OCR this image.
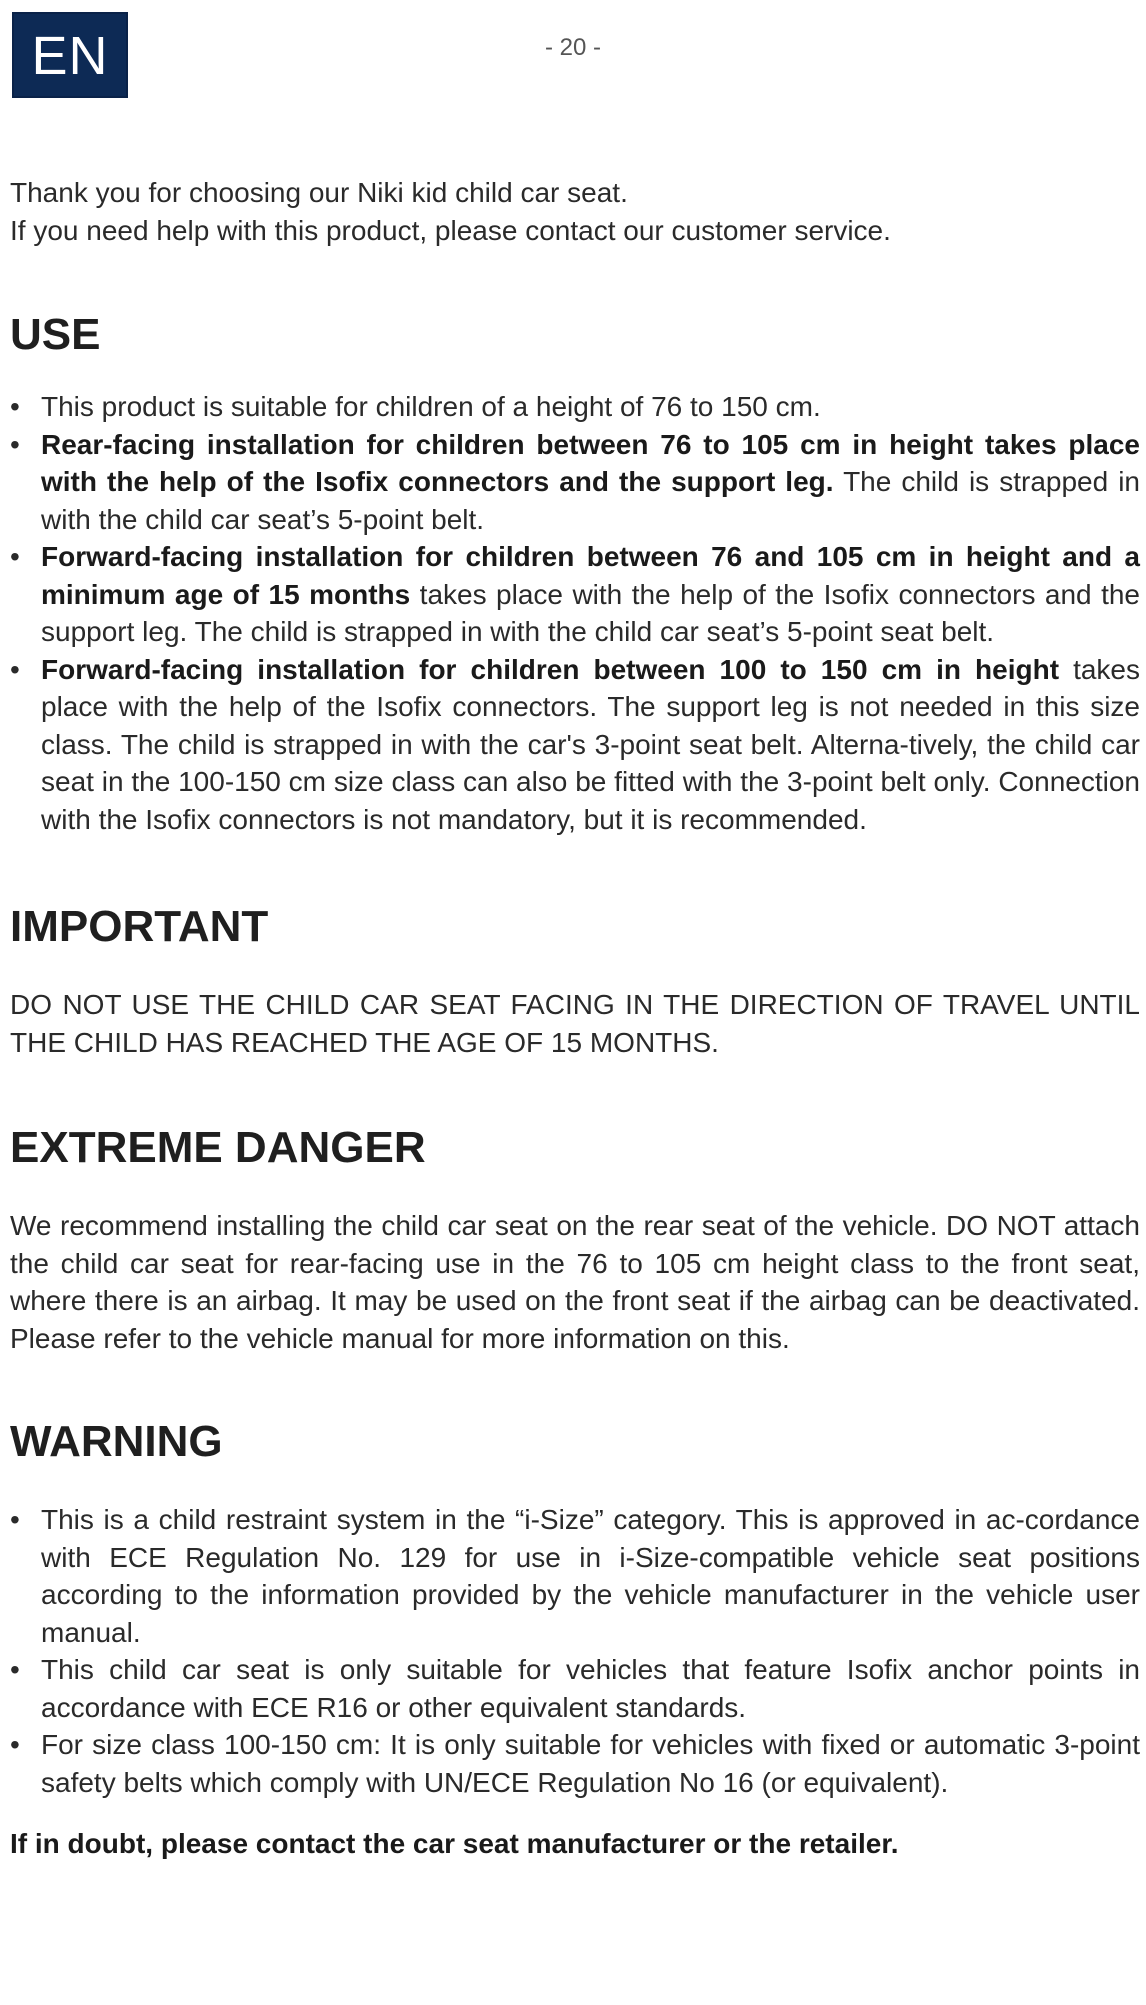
EN	- 20 -

Thank you for choosing our Niki kid child car seat.

If you need help with this product, please contact our customer service.

USE
• This product is suitable for children of a height of 76 to 150 cm.
• Rear-facing installation for children between 76 to 105 cm in height takes place with the help of the Isofix connectors and the support leg. The child is strapped in with the child car seat’s 5-point belt.
• Forward-facing installation for children between 76 and 105 cm in height and a minimum age of 15 months takes place with the help of the Isofix connectors and the support leg. The child is strapped in with the child car seat’s 5-point seat belt.
• Forward-facing installation for children between 100 to 150 cm in height takes place with the help of the Isofix connectors. The support leg is not needed in this size class. The child is strapped in with the car's 3-point seat belt. Alterna-tively, the child car seat in the 100-150 cm size class can also be fitted with the 3-point belt only. Connection with the Isofix connectors is not mandatory, but it is recommended.
IMPORTANT

DO NOT USE THE CHILD CAR SEAT FACING IN THE DIRECTION OF TRAVEL UNTIL THE CHILD HAS REACHED THE AGE OF 15 MONTHS.

EXTREME DANGER

We recommend installing the child car seat on the rear seat of the vehicle. DO NOT attach the child car seat for rear-facing use in the 76 to 105 cm height class to the front seat, where there is an airbag. It may be used on the front seat if the airbag can be deactivated. Please refer to the vehicle manual for more information on this.

WARNING
• This is a child restraint system in the “i-Size” category. This is approved in ac-cordance with ECE Regulation No. 129 for use in i-Size-compatible vehicle seat positions according to the information provided by the vehicle manufacturer in the vehicle user manual.
• This child car seat is only suitable for vehicles that feature Isofix anchor points in accordance with ECE R16 or other equivalent standards.
• For size class 100-150 cm: It is only suitable for vehicles with fixed or automatic 3-point safety belts which comply with UN/ECE Regulation No 16 (or equivalent).

If in doubt, please contact the car seat manufacturer or the retailer.
